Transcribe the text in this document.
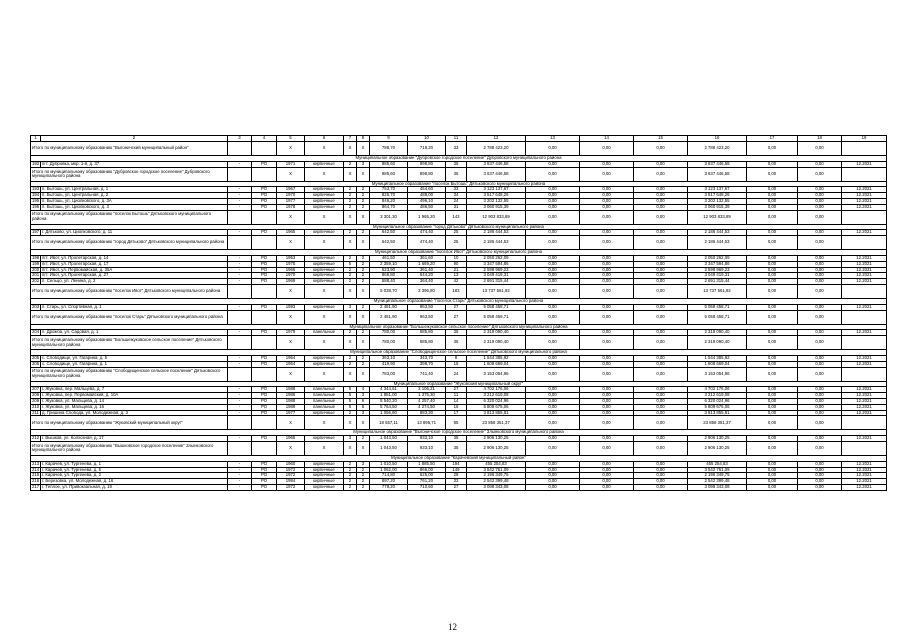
1	2	3	4	5	6	7	8	9	10	11	12	13	14	15	16	17	18	19
Итого по муниципальному образованию "Выгоничский муниципальный район"				X	X	X	X	788,70	719,20	33	2 788 423,20	0,00	0,00	0,00	2 788 423,20	0,00	0,00	
Муниципальное образование "Дубровское городское поселение" Дубровского муниципального района																		
192	пгт. Дубровка, мкр. 1-й, д. 37	-	РО	1971	кирпичные	2	3	985,60	898,80	36	3 637 446,58	0,00	0,00	0,00	3 637 446,58	0,00	0,00	12.2021
Итого по муниципальному образованию "Дубровское городское поселение" Дубровского муниципального района				X	X	X	X	985,60	898,80	36	3 637 446,58	0,00	0,00	0,00	3 637 446,58	0,00	0,00	
Муниципальное образование "поселок Бытошь" Дятьковского муниципального района																		
193	п. Бытошь, ул. Центральная, д. 1	-	РО	1967	кирпичные	2	2	753,70	454,60	33	3 123 137,67	0,00	0,00	0,00	3 123 137,67	0,00	0,00	12.2021
194	п. Бытошь, ул. Центральная, д. 2	-	РО	1970	кирпичные	2	2	826,70	488,00	34	3 517 648,26	0,00	0,00	0,00	3 517 648,26	0,00	0,00	12.2021
195	п. Бытошь, ул. Циолковского, д. 3А	-	РО	1977	кирпичные	2	2	846,20	496,10	24	3 202 132,55	0,00	0,00	0,00	3 202 132,55	0,00	0,00	12.2021
196	п. Бытошь, ул. Циолковского, д. 3	-	РО	1978	кирпичные	2	2	864,70	486,50	31	3 060 915,39	0,00	0,00	0,00	3 060 915,39	0,00	0,00	12.2021
Итого по муниципальному образованию "поселок Бытошь" Дятьковского муниципального района				X	X	X	X	3 301,30	1 965,20	143	12 903 833,89	0,00	0,00	0,00	12 903 833,89	0,00	0,00	
Муниципальное образование "город Дятьково" Дятьковского муниципального района																		
197	г. Дятьково, ул. Циолковского, д. 11	-	РО	1965	кирпичные	2	2	642,50	474,40	25	2 186 444,53	0,00	0,00	0,00	2 186 444,53	0,00	0,00	12.2021
Итого по муниципальному образованию "город Дятьково" Дятьковского муниципального района				X	X	X	X	642,50	474,40	25	2 186 444,53	0,00	0,00	0,00	2 186 444,53	0,00	0,00	
Муниципальное образование "поселок Ивот" Дятьковского муниципального района																		
198	пгт. Ивот, ул. Пролетарская, д. 14	-	РО	1953	кирпичные	2	2	461,50	361,60	10	2 050 262,09	0,00	0,00	0,00	2 050 262,09	0,00	0,00	12.2021
199	пгт. Ивот, ул. Пролетарская, д. 17	-	РО	1975	кирпичные	5	2	2 359,10	1 669,20	90	3 347 594,86	0,00	0,00	0,00	3 347 594,86	0,00	0,00	12.2021
200	пгт. Ивот, ул. Первомайская, д. 35А	-	РО	1966	кирпичные	2	2	523,90	361,40	21	2 598 969,23	0,00	0,00	0,00	2 598 969,23	0,00	0,00	12.2021
201	пгт. Ивот, ул. Пролетарская, д. 27	-	РО	1970	кирпичные	2	2	868,80	644,20	13	3 049 419,31	0,00	0,00	0,00	3 049 419,31	0,00	0,00	12.2021
202	п. Сельцо, ул. Ленина, д. 2	-	РО	1969	кирпичные	2	2	588,40	364,40	42	2 691 315,44	0,00	0,00	0,00	2 691 315,44	0,00	0,00	12.2021
Итого по муниципальному образованию "поселок Ивот" Дятьковского муниципального района				X	X	X	X	5 038,70	3 396,80	183	13 737 561,92	0,00	0,00	0,00	13 737 561,92	0,00	0,00	
Муниципальное образование "поселок Старь" Дятьковского муниципального района																		
203	п. Старь, ул. Спортивная, д. 1	-	РО	1993	кирпичные	3	2	2 481,90	963,50	27	5 058 458,71	0,00	0,00	0,00	5 058 458,71	0,00	0,00	12.2021
Итого по муниципальному образованию "поселок Старь" Дятьковского муниципального района				X	X	X	X	2 481,90	963,50	27	5 058 458,71	0,00	0,00	0,00	5 058 458,71	0,00	0,00	
Муниципальное образование "Большежуковское сельское поселение" Дятьковского муниципального района																		
204	п. Дрожба, ул. Садовая, д. 1	-	РО	1979	панельные	2	2	780,00	585,80	36	2 319 090,40	0,00	0,00	0,00	2 319 090,40	0,00	0,00	12.2021
Итого по муниципальному образованию "Большежуковское сельское поселение" Дятьковского муниципального района				X	X	X	X	780,00	585,80	36	2 319 090,40	0,00	0,00	0,00	2 319 090,40	0,00	0,00	
Муниципальное образование "Слободищенское сельское поселение" Дятьковского муниципального района																		
205	с. Слободище, ул. Гагарина, д. 5	-	РО	1964	кирпичные	2	2	363,10	343,70	8	1 544 385,92	0,00	0,00	0,00	1 544 385,92	0,00	0,00	12.2021
206	с. Слободище, ул. Гагарина, д. 1	-	РО	1964	кирпичные	2	2	419,90	398,70	16	1 608 669,04	0,00	0,00	0,00	1 608 669,04	0,00	0,00	12.2021
Итого по муниципальному образованию "Слободищенское сельское поселение" Дятьковского муниципального района				X	X	X	X	783,00	741,40	24	3 153 054,96	0,00	0,00	0,00	3 153 054,96	0,00	0,00	
Муниципальное образование "Жуковский муниципальный округ"																		
207	г. Жуковка, пер. Мальцева, д. 7	-	РО	1988	панельные	5	4	4 344,61	3 105,21	27	4 702 176,06	0,00	0,00	0,00	4 702 176,06	0,00	0,00	12.2021
208	г. Жуковка, пер. Первомайский, д. 10А	-	РО	1986	панельные	5	3	1 851,00	1 375,30	11	3 212 619,08	0,00	0,00	0,00	3 212 619,08	0,00	0,00	12.2021
209	г. Жуковка, ул. Мальцева, д. 14	-	РО	1988	панельные	5	6	5 540,20	4 257,40	14	6 320 024,96	0,00	0,00	0,00	6 320 024,96	0,00	0,00	12.2021
210	г. Жуковка, ул. Мальцева, д. 16	-	РО	1989	панельные	5	6	5 764,50	4 274,50	16	5 809 675,06	0,00	0,00	0,00	5 809 675,06	0,00	0,00	12.2021
211	д. Гришина Слобода, ул. Молодежная, д. 3	-	РО	1977	кирпичные	2	3	1 056,80	883,30	17	3 813 855,81	0,00	0,00	0,00	3 813 855,81	0,00	0,00	12.2021
Итого по муниципальному образованию "Жуковский муниципальный округ"				X	X	X	X	18 557,11	13 895,71	85	23 858 351,37	0,00	0,00	0,00	23 858 351,37	0,00	0,00	
Муниципальное образование "Выгоничское городское поселение" Злынковского муниципального района																		
212	г. Вышков, ул. Колхозная, д. 17	-	РО	1965	кирпичные	3	2	1 043,50	933,10	35	2 906 130,25	0,00	0,00	0,00	2 906 130,25	0,00	0,00	12.2021
Итого по муниципальному образованию "Вышковское городское поселение" Злынковского муниципального района				X	X	X	X	1 043,50	933,10	35	2 906 130,25	0,00	0,00	0,00	2 906 130,25	0,00	0,00	
Муниципальное образование "Карачевский муниципальный район"																		
213	г. Карачев, ул. Тургенева, д. 1	-	РО	1960	кирпичные	2	3	1 010,50	1 885,50	194	455 254,83	0,00	0,00	0,00	455 254,83	0,00	0,00	12.2021
214	г. Карачев, ул. Тургенева, д. 5	-	РО	1972	кирпичные	2	2	1 062,00	866,00	149	3 542 761,09	0,00	0,00	0,00	3 542 761,09	0,00	0,00	12.2021
215	г. Карачев, ул. Тургенева, д. 2	-	РО	1972	кирпичные	2	2	714,80	625,00	28	2 196 349,75	0,00	0,00	0,00	2 196 349,75	0,00	0,00	12.2021
216	г. Березовка, ул. Молодежная, д. 16	-	РО	1984	кирпичные	2	2	897,20	761,20	33	2 542 399,48	0,00	0,00	0,00	2 542 399,48	0,00	0,00	12.2021
217	г. Теплое, ул. Привокзальная, д. 19	-	РО	1972	кирпичные	2	2	778,20	710,60	27	3 098 343,08	0,00	0,00	0,00	3 098 343,08	0,00	0,00	12.2021
12
